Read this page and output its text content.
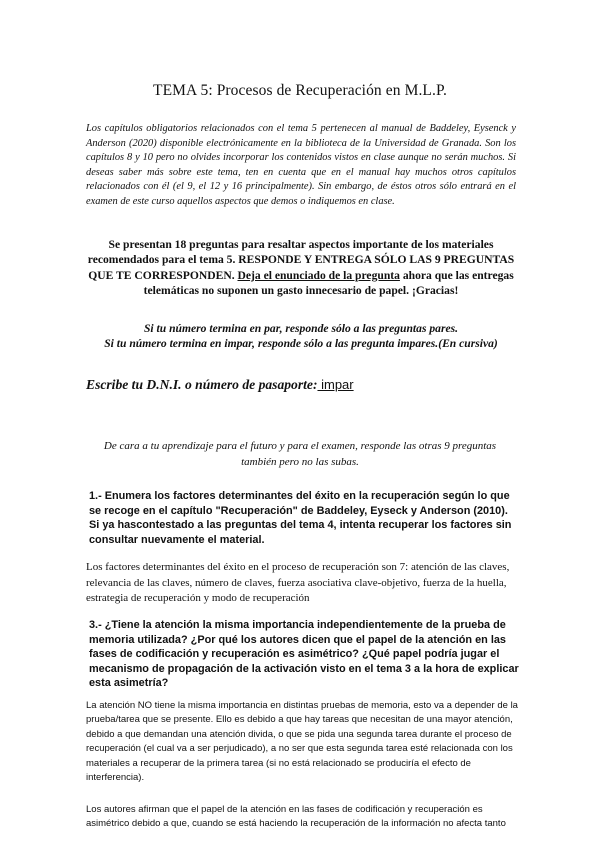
TEMA 5: Procesos de Recuperación en M.L.P.
Los capítulos obligatorios relacionados con el tema 5 pertenecen al manual de Baddeley, Eysenck y Anderson (2020) disponible electrónicamente en la biblioteca de la Universidad de Granada. Son los capítulos 8 y 10 pero no olvides incorporar los contenidos vistos en clase aunque no serán muchos. Si deseas saber más sobre este tema, ten en cuenta que en el manual hay muchos otros capítulos relacionados con él (el 9, el 12 y 16 principalmente). Sin embargo, de éstos otros sólo entrará en el examen de este curso aquellos aspectos que demos o indiquemos en clase.
Se presentan 18 preguntas para resaltar aspectos importante de los materiales recomendados para el tema 5. RESPONDE Y ENTREGA SÓLO LAS 9 PREGUNTAS QUE TE CORRESPONDEN. Deja el enunciado de la pregunta ahora que las entregas telemáticas no suponen un gasto innecesario de papel. ¡Gracias!
Si tu número termina en par, responde sólo a las preguntas pares.
Si tu número termina en impar, responde sólo a las pregunta impares.(En cursiva)
Escribe tu D.N.I. o número de pasaporte: impar
De cara a tu aprendizaje para el futuro y para el examen, responde las otras 9 preguntas también pero no las subas.
1.- Enumera los factores determinantes del éxito en la recuperación según lo que se recoge en el capítulo "Recuperación" de Baddeley, Eyseck y Anderson (2010). Si ya hascontestado a las preguntas del tema 4, intenta recuperar los factores sin consultar nuevamente el material.
Los factores determinantes del éxito en el proceso de recuperación son 7: atención de las claves, relevancia de las claves, número de claves, fuerza asociativa clave-objetivo, fuerza de la huella, estrategia de recuperación y modo de recuperación
3.- ¿Tiene la atención la misma importancia independientemente de la prueba de memoria utilizada? ¿Por qué los autores dicen que el papel de la atención en las fases de codificación y recuperación es asimétrico? ¿Qué papel podría jugar el mecanismo de propagación de la activación visto en el tema 3 a la hora de explicar esta asimetría?
La atención NO tiene la misma importancia en distintas pruebas de memoria, esto va a depender de la prueba/tarea que se presente. Ello es debido a que hay tareas que necesitan de una mayor atención, debido a que demandan una atención divida, o que se pida una segunda tarea durante el proceso de recuperación (el cual va a ser perjudicado), a no ser que esta segunda tarea esté relacionada con los materiales a recuperar de la primera tarea (si no está relacionado se produciría el efecto de interferencia).
Los autores afirman que el papel de la atención en las fases de codificación y recuperación es asimétrico debido a que, cuando se está haciendo la recuperación de la información no afecta tanto
